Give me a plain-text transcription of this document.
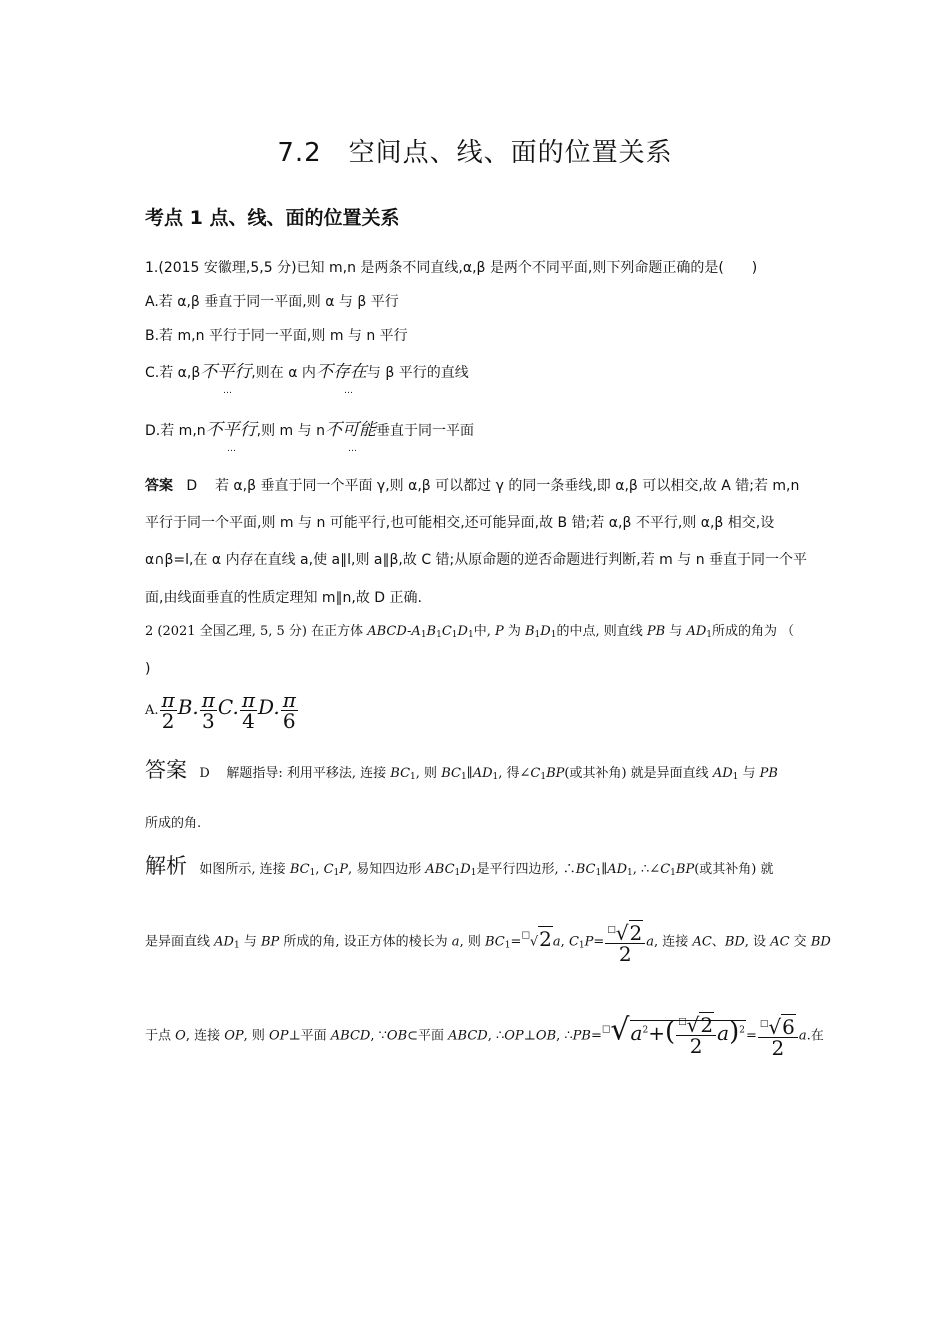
7.2　空间点、线、面的位置关系
考点 1 点、线、面的位置关系
1.(2015 安徽理,5,5 分)已知 m,n 是两条不同直线,α,β 是两个不同平面,则下列命题正确的是(　　)
A.若 α,β 垂直于同一平面,则 α 与 β 平行
B.若 m,n 平行于同一平面,则 m 与 n 平行
C.若 α,β不平行,则在 α 内不存在与 β 平行的直线
…	…
D.若 m,n不平行,则 m 与 n不可能垂直于同一平面
…	…
答案 D 若 α,β 垂直于同一个平面 γ,则 α,β 可以都过 γ 的同一条垂线,即 α,β 可以相交,故 A 错;若 m,n
平行于同一个平面,则 m 与 n 可能平行,也可能相交,还可能异面,故 B 错;若 α,β 不平行,则 α,β 相交,设
α∩β=l,在 α 内存在直线 a,使 a∥l,则 a∥β,故 C 错;从原命题的逆否命题进行判断,若 m 与 n 垂直于同一个平
面,由线面垂直的性质定理知 m∥n,故 D 正确.
2 (2021 全国乙理, 5, 5 分) 在正方体 ABCD-$A_1B_1C_1D_1$中, P 为 $B_1D_1$的中点, 则直线 PB 与 $AD_1$所成的角为 （
)
A. $\frac{\pi}{2} B$. $\frac{\pi}{3} C$. $\frac{\pi}{4} D$. $\frac{\pi}{6}$
答案 D 解题指导: 利用平移法, 连接 $BC_1$, 则 $BC_1\parallel AD_1$, 得$\angle C_1BP$(或其补角) 就是异面直线 $AD_1$ 与 PB
所成的角.
解析 如图所示, 连接 $BC_1$, $C_1P$, 易知四边形 $ABC_1D_1$是平行四边形, $\therefore BC_1\parallel AD_1$, $\therefore\angle C_1BP$(或其补角) 就
是异面直线 $AD_1$ 与 BP 所成的角, 设正方体的棱长为 a, 则 $BC_1=^□√2a$, $C_1P= \frac{^□√2}{2} a$, 连接 AC、BD, 设 AC 交 BD
于点 O, 连接 OP, 则 OP⊥平面 ABCD, ∵OB⊂平面 ABCD, ∴OP⊥OB, $\therefore PB=^□√a^2+( \frac{^□√2}{2} a)^2= \frac{^□√6}{2} a$.在
